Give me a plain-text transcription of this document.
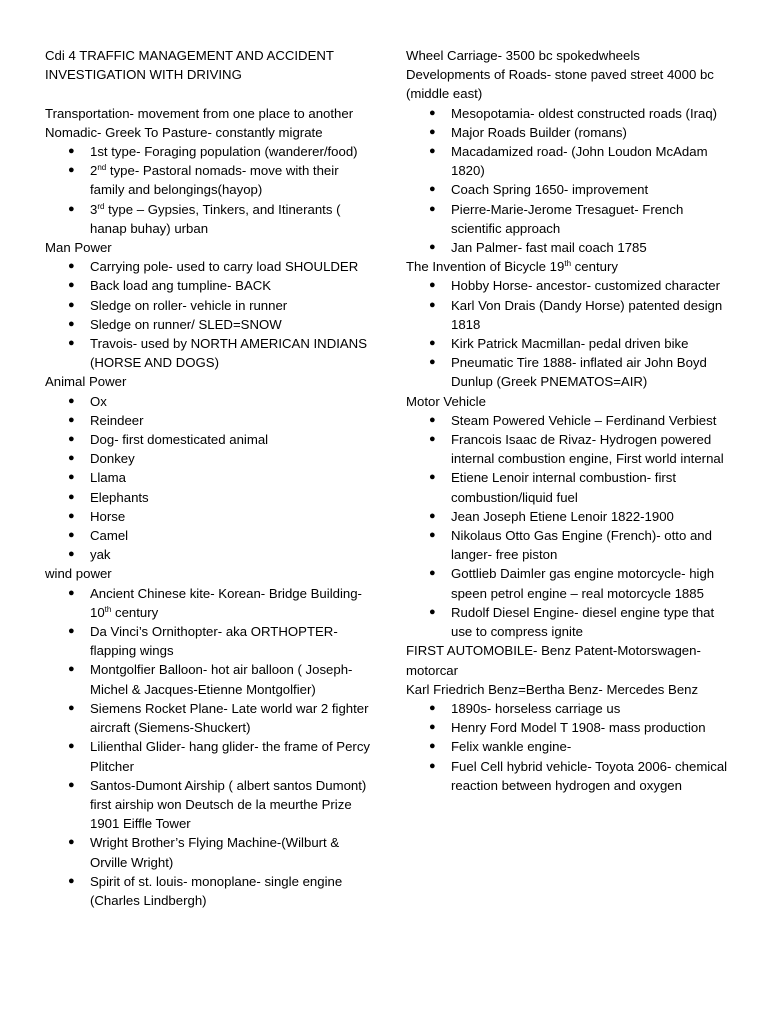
Cdi 4 TRAFFIC MANAGEMENT AND ACCIDENT

INVESTIGATION WITH DRIVING

Transportation- movement from one place to another

Nomadic- Greek To Pasture- constantly migrate

● 1st type- Foraging population (wanderer/food)
● 2nd type- Pastoral nomads- move with their family and belongings(hayop)
● 3rd type – Gypsies, Tinkers, and Itinerants ( hanap buhay) urban

Man Power

● Carrying pole- used to carry load SHOULDER
● Back load ang tumpline- BACK
● Sledge on roller- vehicle in runner
● Sledge on runner/ SLED=SNOW
● Travois- used by NORTH AMERICAN INDIANS (HORSE AND DOGS)

Animal Power

● Ox
● Reindeer
● Dog- first domesticated animal
● Donkey
● Llama
● Elephants
● Horse
● Camel
● yak

wind power

● Ancient Chinese kite- Korean- Bridge Building- 10th century
● Da Vinci’s Ornithopter- aka ORTHOPTER- flapping wings
● Montgolfier Balloon- hot air balloon ( Joseph-Michel & Jacques-Etienne Montgolfier)
● Siemens Rocket Plane- Late world war 2 fighter aircraft (Siemens-Shuckert)
● Lilienthal Glider- hang glider- the frame of Percy Plitcher
● Santos-Dumont Airship ( albert santos Dumont) first airship won Deutsch de la meurthe Prize 1901 Eiffle Tower
● Wright Brother’s Flying Machine-(Wilburt & Orville Wright)
● Spirit of st. louis- monoplane- single engine (Charles Lindbergh)

Wheel Carriage- 3500 bc spokedwheels

Developments of Roads- stone paved street 4000 bc (middle east)

● Mesopotamia- oldest constructed roads (Iraq)
● Major Roads Builder (romans)
● Macadamized road- (John Loudon McAdam 1820)
● Coach Spring 1650- improvement
● Pierre-Marie-Jerome Tresaguet- French scientific approach
● Jan Palmer- fast mail coach 1785

The Invention of Bicycle 19th century

● Hobby Horse- ancestor- customized character
● Karl Von Drais (Dandy Horse) patented design 1818
● Kirk Patrick Macmillan- pedal driven bike
● Pneumatic Tire 1888- inflated air John Boyd Dunlup (Greek PNEMATOS=AIR)

Motor Vehicle

● Steam Powered Vehicle – Ferdinand Verbiest
● Francois Isaac de Rivaz- Hydrogen powered internal combustion engine, First world internal
● Etiene Lenoir internal combustion- first combustion/liquid fuel
● Jean Joseph Etiene Lenoir 1822-1900
● Nikolaus Otto Gas Engine (French)- otto and langer- free piston
● Gottlieb Daimler gas engine motorcycle- high speen petrol engine – real motorcycle 1885
● Rudolf Diesel Engine- diesel engine type that use to compress ignite

FIRST AUTOMOBILE- Benz Patent-Motorswagen- motorcar

Karl Friedrich Benz=Bertha Benz- Mercedes Benz

● 1890s- horseless carriage us
● Henry Ford Model T 1908- mass production
● Felix wankle engine-
● Fuel Cell hybrid vehicle- Toyota 2006- chemical reaction between hydrogen and oxygen
